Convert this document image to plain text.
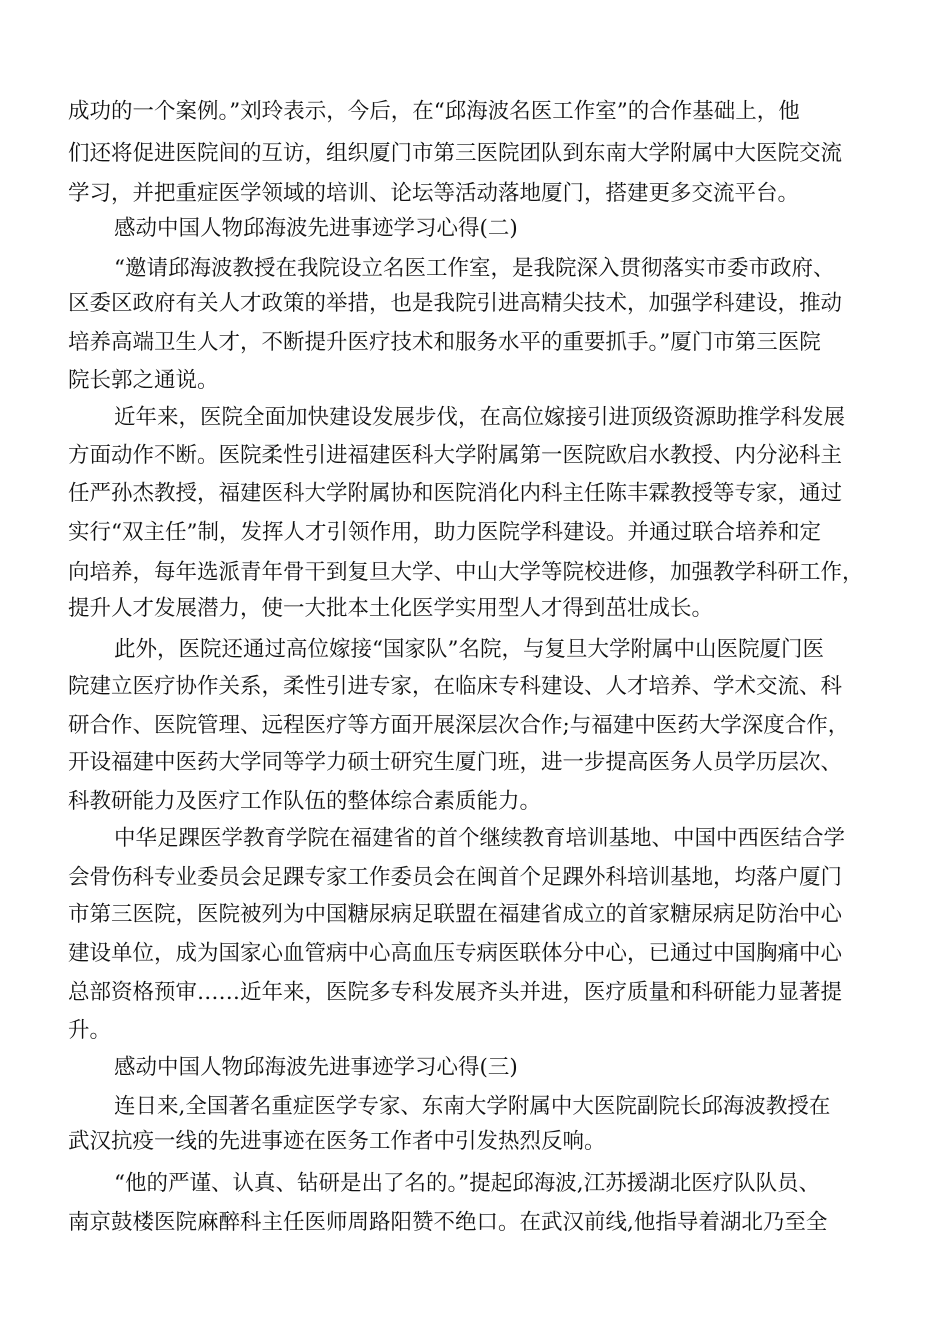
成功的一个案例。”刘玲表示，今后，在“邱海波名医工作室”的合作基础上，他
们还将促进医院间的互访，组织厦门市第三医院团队到东南大学附属中大医院交流
学习，并把重症医学领域的培训、论坛等活动落地厦门，搭建更多交流平台。
感动中国人物邱海波先进事迹学习心得(二)
“邀请邱海波教授在我院设立名医工作室，是我院深入贯彻落实市委市政府、
区委区政府有关人才政策的举措，也是我院引进高精尖技术，加强学科建设，推动
培养高端卫生人才，不断提升医疗技术和服务水平的重要抓手。”厦门市第三医院
院长郭之通说。
近年来，医院全面加快建设发展步伐，在高位嫁接引进顶级资源助推学科发展
方面动作不断。医院柔性引进福建医科大学附属第一医院欧启水教授、内分泌科主
任严孙杰教授，福建医科大学附属协和医院消化内科主任陈丰霖教授等专家，通过
实行“双主任”制，发挥人才引领作用，助力医院学科建设。并通过联合培养和定
向培养，每年选派青年骨干到复旦大学、中山大学等院校进修，加强教学科研工作，
提升人才发展潜力，使一大批本土化医学实用型人才得到茁壮成长。
此外，医院还通过高位嫁接“国家队”名院，与复旦大学附属中山医院厦门医
院建立医疗协作关系，柔性引进专家，在临床专科建设、人才培养、学术交流、科
研合作、医院管理、远程医疗等方面开展深层次合作;与福建中医药大学深度合作，
开设福建中医药大学同等学力硕士研究生厦门班，进一步提高医务人员学历层次、
科教研能力及医疗工作队伍的整体综合素质能力。
中华足踝医学教育学院在福建省的首个继续教育培训基地、中国中西医结合学
会骨伤科专业委员会足踝专家工作委员会在闽首个足踝外科培训基地，均落户厦门
市第三医院，医院被列为中国糖尿病足联盟在福建省成立的首家糖尿病足防治中心
建设单位，成为国家心血管病中心高血压专病医联体分中心，已通过中国胸痛中心
总部资格预审……近年来，医院多专科发展齐头并进，医疗质量和科研能力显著提
升。
感动中国人物邱海波先进事迹学习心得(三)
连日来,全国著名重症医学专家、东南大学附属中大医院副院长邱海波教授在
武汉抗疫一线的先进事迹在医务工作者中引发热烈反响。
“他的严谨、认真、钻研是出了名的。”提起邱海波,江苏援湖北医疗队队员、
南京鼓楼医院麻醉科主任医师周路阳赞不绝口。在武汉前线,他指导着湖北乃至全
